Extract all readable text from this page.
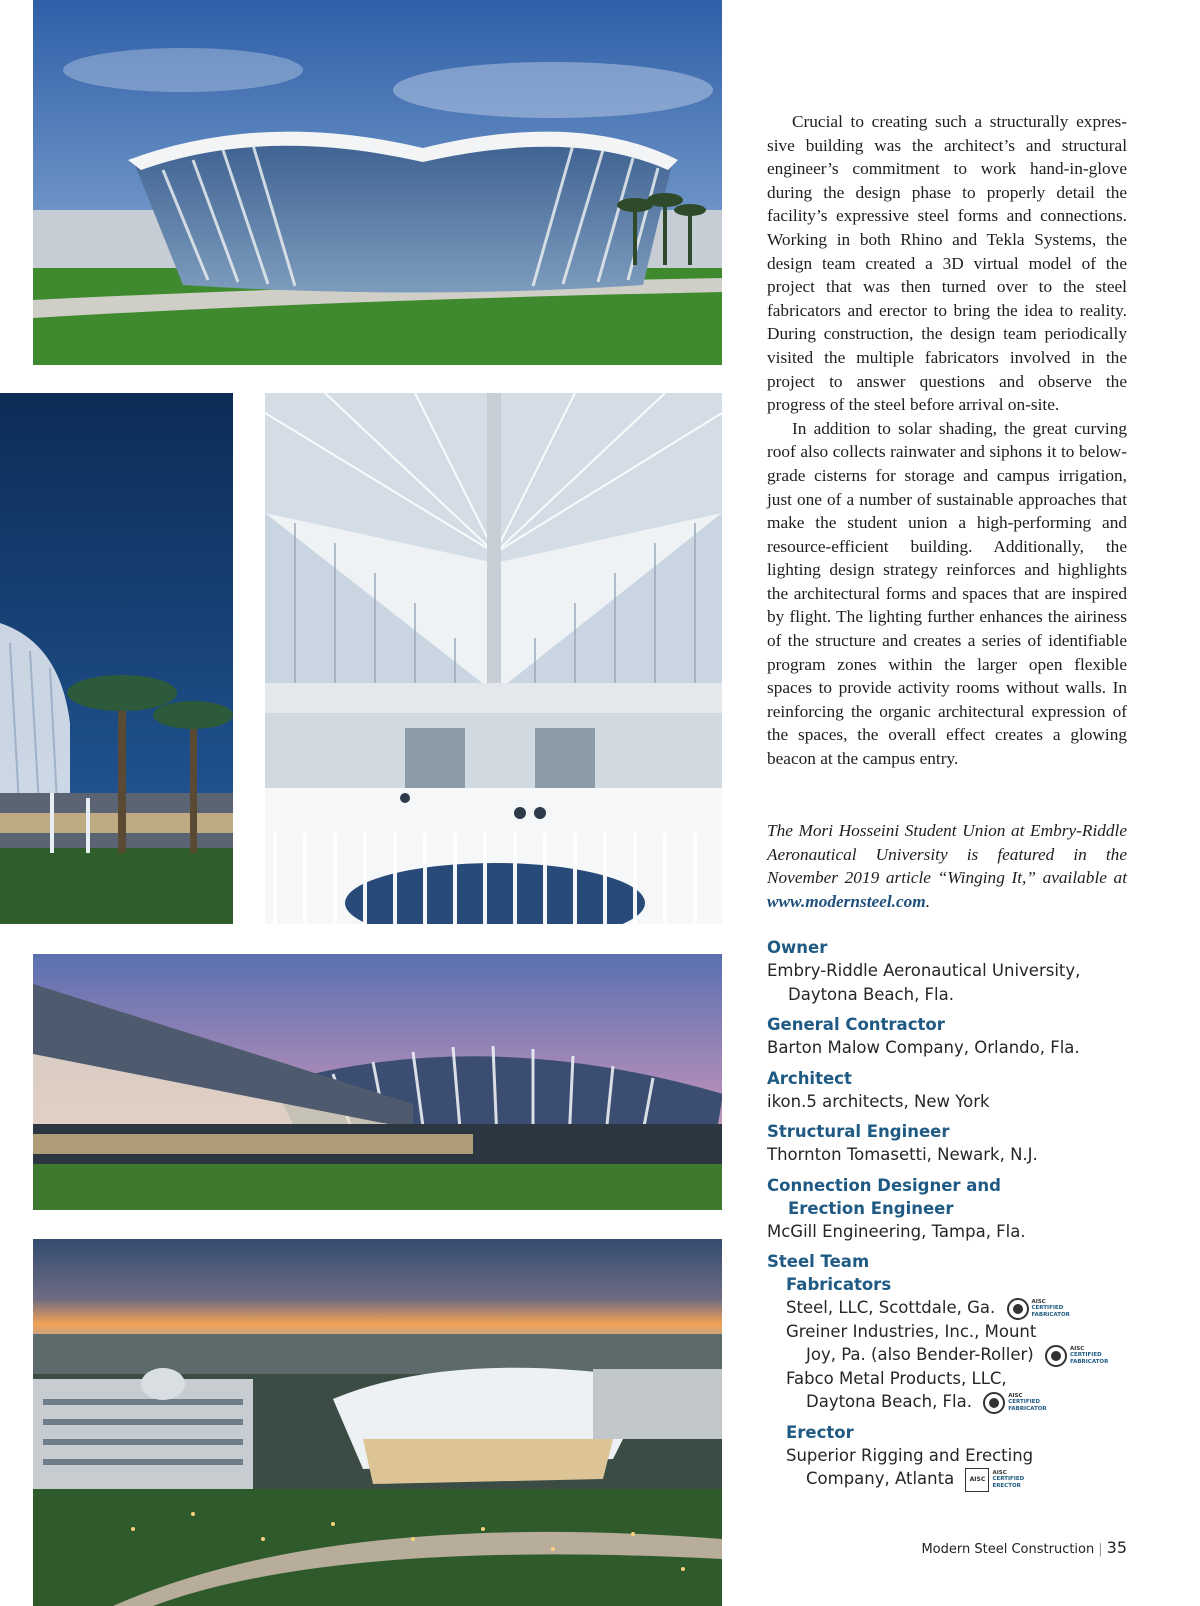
Crucial to creating such a structurally expressive building was the architect’s and structural engineer’s commitment to work hand-in-glove during the design phase to properly detail the facility’s expressive steel forms and connections. Working in both Rhino and Tekla Systems, the design team created a 3D virtual model of the project that was then turned over to the steel fabricators and erector to bring the idea to reality. During construction, the design team periodically visited the multiple fabricators involved in the project to answer questions and observe the progress of the steel before arrival on-site.

In addition to solar shading, the great curving roof also collects rainwater and siphons it to below-grade cisterns for storage and campus irrigation, just one of a number of sustainable approaches that make the student union a high-performing and resource-efficient building. Additionally, the lighting design strategy reinforces and highlights the architectural forms and spaces that are inspired by flight. The lighting further enhances the airiness of the structure and creates a series of identifiable program zones within the larger open flexible spaces to provide activity rooms without walls. In reinforcing the organic architectural expression of the spaces, the overall effect creates a glowing beacon at the campus entry.

The Mori Hosseini Student Union at Embry-Riddle Aeronautical University is featured in the November 2019 article “Winging It,” available at www.modernsteel.com.

Owner

Embry-Riddle Aeronautical University,
Daytona Beach, Fla.

General Contractor

Barton Malow Company, Orlando, Fla.

Architect

ikon.5 architects, New York

Structural Engineer

Thornton Tomasetti, Newark, N.J.

Connection Designer and
Erection Engineer

McGill Engineering, Tampa, Fla.

Steel Team

Fabricators

Steel, LLC, Scottdale, Ga.	AISC
CERTIFIED
FABRICATOR

Greiner Industries, Inc., Mount
Joy, Pa. (also Bender-Roller)	AISC
CERTIFIED
FABRICATOR

Fabco Metal Products, LLC,
Daytona Beach, Fla.	AISC
CERTIFIED
FABRICATOR

Erector

Superior Rigging and Erecting
Company, Atlanta	AISC
AISC
CERTIFIED
ERECTOR

Modern Steel Construction | 35
